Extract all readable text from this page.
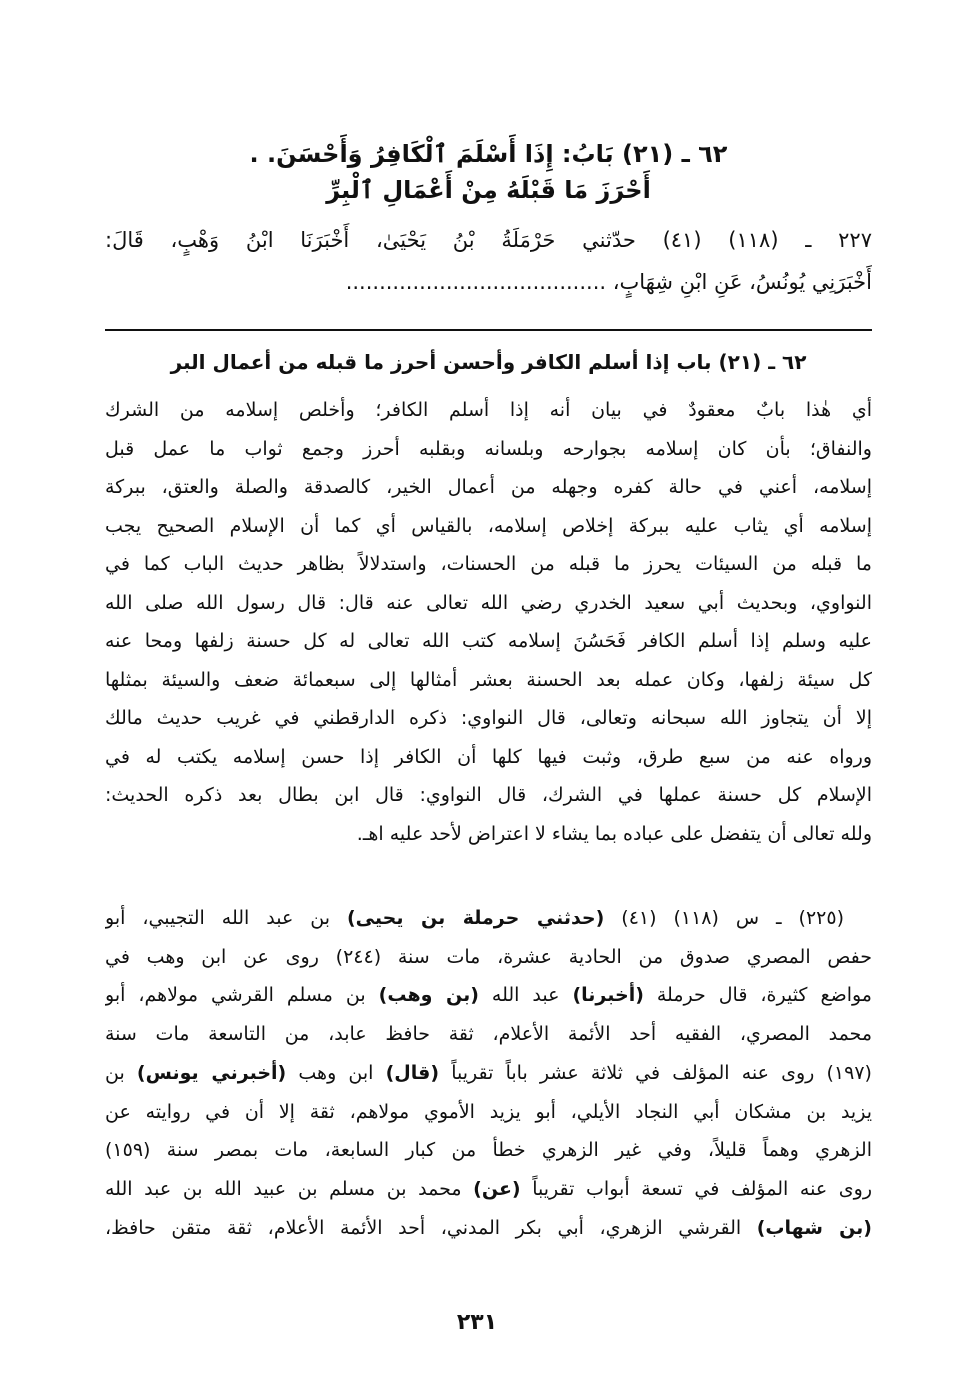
٦٢ ـ (٢١) بَابُ: إِذَا أَسْلَمَ ٱلْكَافِرُ وَأَحْسَنَ. .
أَحْرَزَ مَا قَبْلَهُ مِنْ أَعْمَالِ ٱلْبِرِّ
٢٢٧ ـ (١١٨) (٤١) حدّثني حَرْمَلَةُ بْنُ يَحْيَىٰ، أَخْبَرَنَا ابْنُ وَهْبٍ، قَالَ:
أَخْبَرَنِي يُونُسُ، عَنِ ابْنِ شِهَابٍ، .......................................
٦٢ ـ (٢١) باب إذا أسلم الكافر وأحسن أحرز ما قبله من أعمال البر
أي هٰذا بابٌ معقودٌ في بيان أنه إذا أسلم الكافر؛ وأخلص إسلامه من الشرك
والنفاق؛ بأن كان إسلامه بجوارحه وبلسانه وبقلبه أحرز وجمع ثواب ما عمل قبل
إسلامه، أعني في حالة كفره وجهله من أعمال الخير، كالصدقة والصلة والعتق، ببركة
إسلامه أي يثاب عليه ببركة إخلاص إسلامه، بالقياس أي كما أن الإسلام الصحيح يجب
ما قبله من السيئات يحرز ما قبله من الحسنات، واستدلالاً بظاهر حديث الباب كما في
النواوي، وبحديث أبي سعيد الخدري رضي الله تعالى عنه قال: قال رسول الله صلى الله
عليه وسلم إذا أسلم الكافر فَحَسُنَ إسلامه كتب الله تعالى له كل حسنة زلفها ومحا عنه
كل سيئة زلفها، وكان عمله بعد الحسنة بعشر أمثالها إلى سبعمائة ضعف والسيئة بمثلها
إلا أن يتجاوز الله سبحانه وتعالى، قال النواوي: ذكره الدارقطني في غريب حديث مالك
ورواه عنه من سبع طرق، وثبت فيها كلها أن الكافر إذا حسن إسلامه يكتب له في
الإسلام كل حسنة عملها في الشرك، قال النواوي: قال ابن بطال بعد ذكره الحديث:
ولله تعالى أن يتفضل على عباده بما يشاء لا اعتراض لأحد عليه اهـ.
(٢٢٥) ـ س (١١٨) (٤١) (حدثني حرملة بن يحيى) بن عبد الله التجيبي، أبو
حفص المصري صدوق من الحادية عشرة، مات سنة (٢٤٤) روى عن ابن وهب في
مواضع كثيرة، قال حرملة (أخبرنا) عبد الله (بن وهب) بن مسلم القرشي مولاهم، أبو
محمد المصري، الفقيه أحد الأئمة الأعلام، ثقة حافظ عابد، من التاسعة مات سنة
(١٩٧) روى عنه المؤلف في ثلاثة عشر باباً تقريباً (قال) ابن وهب (أخبرني يونس) بن
يزيد بن مشكان أبي النجاد الأيلي، أبو يزيد الأموي مولاهم، ثقة إلا أن في روايته عن
الزهري وهماً قليلاً، وفي غير الزهري خطأ من كبار السابعة، مات بمصر سنة (١٥٩)
روى عنه المؤلف في تسعة أبواب تقريباً (عن) محمد بن مسلم بن عبيد الله بن عبد الله
(بن شهاب) القرشي الزهري، أبي بكر المدني، أحد الأئمة الأعلام، ثقة متقن حافظ،
٢٣١
